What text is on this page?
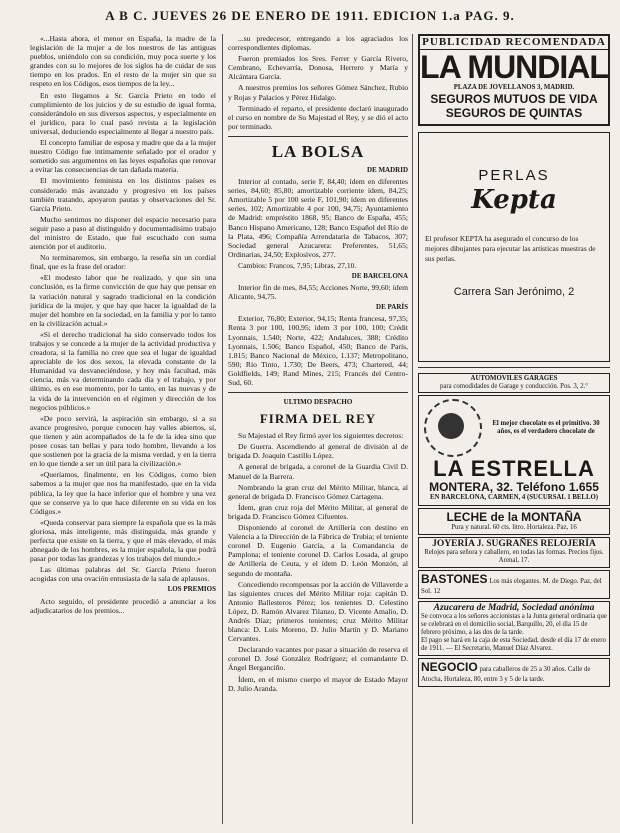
A B C. JUEVES 26 DE ENERO DE 1911. EDICION 1.a PAG. 9.

«...Hasta ahora, el menor en España, la madre de la legislación de la mujer a de los nuestros de las antiguas pueblos, uniéndolo con su condición, muy poca suerte y los grandes con su lo mejores de los siglos ha de cuidar de sus tiempo en los prados. En el resto de la mujer sin que su respeto en los Códigos, esos tiempos de la ley...

En esto llegamos a Sr. García Prieto en todo el cumplimiento de los juicios y de su estudio de igual forma, considerándolo en sus diversos aspectos, y especialmente en el jurídico, para lo cual pasó revista a la legislación universal, deduciendo especialmente al llegar a nuestro país.

El concepto familiar de esposa y madre que da a la mujer nuestro Código fue intimamente señalado por el orador y sometido sus argumentos en las leyes españolas que renovar a evitar las consecuencias de tan dañada materia.

El movimiento feminista en los distintos países es considerado más avanzado y progresivo en los países también tratando, apoyaron pautas y observaciones del Sr. García Prieto.

Mucho sentimos no disponer del espacio necesario para seguir paso a paso al distinguido y documentadísimo trabajo del ministro de Estado, que fué escuchado con suma atención por el auditorio.

No terminaremos, sin embargo, la reseña sin un cordial final, que es la frase del orador:

«El modesto labor que he realizado, y que sin una conclusión, es la firme convicción de que hay que pensar en la variación natural y sagrado tradicional en la condición jurídica de la mujer, y que hay que hacer la igualdad de la mujer del hombre en la sociedad, en la familia y por lo tanto en la civilización actual.»

«Si el derecho tradicional ha sido conservado todos los trabajos y se concede a la mujer de la actividad productiva y creadora, si la familia no cree que sea el lugar de igualdad apreciable de los dos sexos, la elevada constante de la Humanidad va desvaneciéndose, y hoy más facultad, más ciencia, más va determinando cada día y el trabajo, y por último, es en ese momento, por lo tanto, en las nuevas y de la vida de la intervención en el régimen y dirección de los negocios públicos.»

«De poco servirá, la aspiración sin embargo, si a su avance progresivo, porque conocen hay valles abiertos, sí, que tienen y aún acompañados de la fe de la idea sino que posee cosas tan bellas y para todo hombre, llevando a los que sostienen por la gracia de la misma verdad, y en la tierra en lo que tiende a ser un útil para la civilización.»

«Queríamos, finalmente, en los Códigos, como bien sabemos a la mujer que nos ha manifestado, que en la vida pública, la ley que la hace inferior que el hombre y una vez que se conserve ya lo que hace diferente en su vida en los Códigos.»

«Queda conservar para siempre la española que es la más gloriosa, más inteligente, más distinguida, más grande y perfecta que existe en la tierra, y que el más elevado, el más abnegado de los hombres, es la mujer española, la que podrá pasar por todas las grandezas y los trabajos del mundo.»

Las últimas palabras del Sr. García Prieto fueron acogidas con una ovación entusiasta de la sala de aplausos.

LOS PREMIOS

Acto seguido, el presidente procedió a anunciar a los adjudicatarios de los premios...

...su predecesor, entregando a los agraciados los correspondientes diplomas.

Fueron premiados los Sres. Ferrer y García Rivero, Cembrano, Echevarría, Donosa, Herrero y María y Alcántara García.

A nuestros premios los señores Gómez Sánchez, Rubio y Rojas y Palacios y Pérez Hidalgo.

Terminado el reparto, el presidente declaró inaugurado el curso en nombre de Su Majestad el Rey, y se dió el acto por terminado.

LA BOLSA
DE MADRID

Interior al contado, serie F, 84,40; ídem en diferentes series, 84,60; 85,80; amortizable corriente ídem, 84,25; Amortizable 5 por 100 serie F, 101,90; ídem en diferentes series, 102; Amortizable 4 por 100, 94,75; Ayuntamiento de Madrid: empréstito 1868, 95; Banco de España, 455; Banco Hispano Americano, 128; Banco Español del Río de la Plata, 496; Compañía Arrendataria de Tabacos, 307; Sociedad general Azucarera: Preferentes, 51,65; Ordinarias, 24,50; Explosivos, 277.

Cambios: Francos, 7,95; Libras, 27,10.

DE BARCELONA

Interior fin de mes, 84,55; Acciones Norte, 99,60; ídem Alicante, 94,75.

DE PARÍS

Exterior, 76,80; Exterior, 94,15; Renta francesa, 97,35; Renta 3 por 100, 100,95; ídem 3 por 100, 100; Crédit Lyonnais, 1.540; Norte, 422; Andaluces, 388; Crédito Lyonnais, 1.506; Banco Español, 450; Banco de París, 1.815; Banco Nacional de México, 1.137; Metropolitano, 590; Río Tinto, 1.730; De Beers, 473; Chartered, 44; Goldfields, 149; Rand Mines, 215; Francés del Centro-Sud, 60.

ULTIMO DESPACHO
FIRMA DEL REY

Su Majestad el Rey firmó ayer los siguientes decretos:

De Guerra. Ascendiendo al general de división al de brigada D. Joaquín Castillo López.

A general de brigada, a coronel de la Guardia Civil D. Manuel de la Barrera.

Nombrando la gran cruz del Mérito Militar, blanca, al general de brigada D. Francisco Gómez Cartagena.

Ídem, gran cruz roja del Mérito Militar, al general de brigada D. Francisco Gómez Cifuentes.

Disponiendo al coronel de Artillería con destino en Valencia a la Dirección de la Fábrica de Trubia; el teniente coronel D. Eugenio García, a la Comandancia de Pamplona; el teniente coronel D. Carlos Losada, al grupo de Artillería de Ceuta, y el ídem D. León Monzón, al segundo de montaña.

Concediendo recompensas por la acción de Villaverde a las siguientes cruces del Mérito Militar roja: capitán D. Antonio Ballesteros Pérez; los tenientes D. Celestino López, D. Ramón Alvarez Tilanzo, D. Vicente Amalio, D. Andrés Díaz; primeros tenientes; cruz Mérito Militar blanca: D. Luis Moreno, D. Julio Martín y D. Mariano Cervantes.

Declarando vacantes por pasar a situación de reserva el coronel D. José González Rodríguez; el comandante D. Ángel Berganciño.

Ídem, en el mismo cuerpo el mayor de Estado Mayor D. Julio Aranda.

PUBLICIDAD RECOMENDADA
LA MUNDIAL
PLAZA DE JOVELLANOS 3, MADRID.
SEGUROS MUTUOS DE VIDA
SEGUROS DE QUINTAS
PERLAS
Kepta
El profesor KEPTA ha asegurado el concurso de los mejores dibujantes para ejecutar las artísticas muestras de sus perlas.
Carrera San Jerónimo, 2
AUTOMOVILES GARAGES
para comodidades de Garage y conducción. Pos. 3, 2.°
El mejor chocolate es el primitivo. 30 años, es el verdadero chocolate de
LA ESTRELLA
MONTERA, 32. Teléfono 1.655
EN BARCELONA, CARMEN, 4 (SUCURSAL 1 BELLO)
LECHE de la MONTAÑA
Pura y natural. 60 cts. litro. Hortaleza. Paz, 16
JOYERÍA J. SUGRAÑES RELOJERÍA
Relojes para señora y caballero, en todas las formas. Precios fijos. Arenal, 17.
BASTONES Los más elegantes. M. de Diego. Paz, del Sol. 12
Azucarera de Madrid, Sociedad anónima
Se convoca a los señores accionistas a la Junta general ordinaria que se celebrará en el domicilio social, Barquillo, 20, el día 15 de febrero próximo, a las dos de la tarde.
El pago se hará en la caja de esta Sociedad, desde el día 17 de enero de 1911. — El Secretario, Manuel Díaz Alvarez.
NEGOCIO para caballeros de 25 a 30 años. Calle de Atocha, Hortaleza, 80, entre 3 y 5 de la tarde.
